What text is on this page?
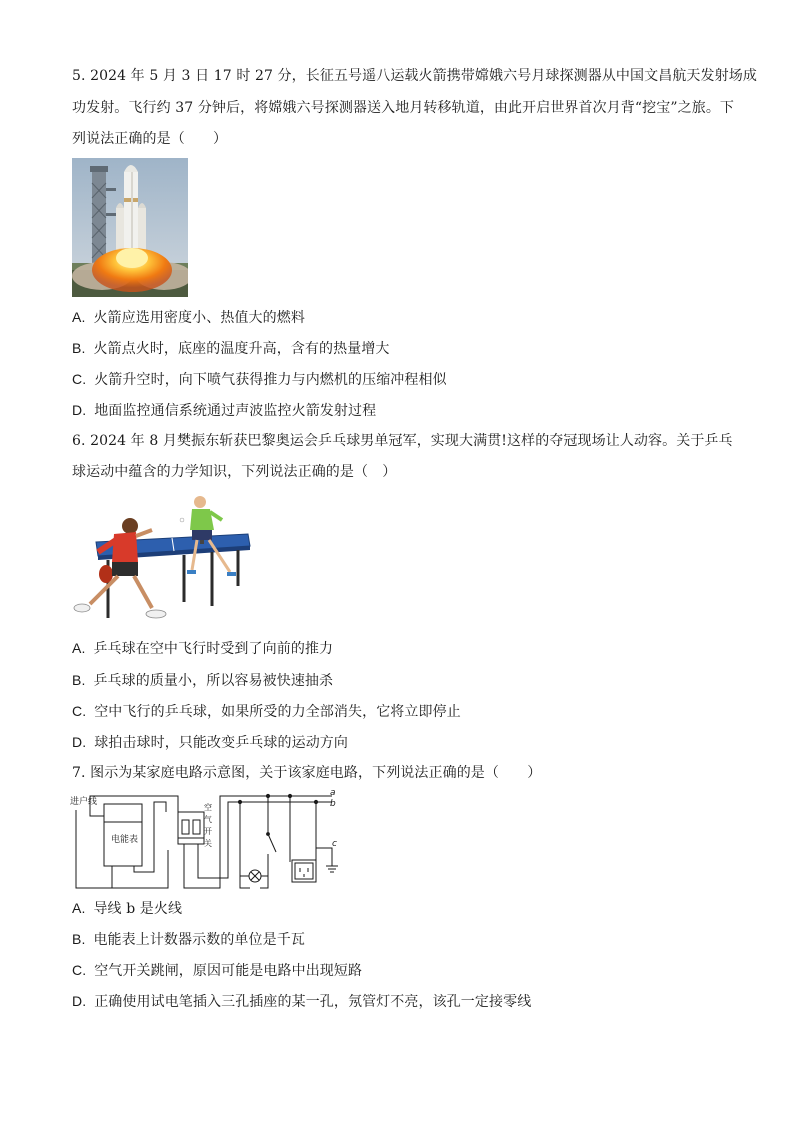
5. 2024 年 5 月 3 日 17 时 27 分，长征五号遥八运载火箭携带嫦娥六号月球探测器从中国文昌航天发射场成
功发射。飞行约 37 分钟后，将嫦娥六号探测器送入地月转移轨道，由此开启世界首次月背“挖宝”之旅。下
列说法正确的是（　　）
A. 火箭应选用密度小、热值大的燃料
B. 火箭点火时，底座的温度升高，含有的热量增大
C. 火箭升空时，向下喷气获得推力与内燃机的压缩冲程相似
D. 地面监控通信系统通过声波监控火箭发射过程
6. 2024 年 8 月樊振东斩获巴黎奥运会乒乓球男单冠军，实现大满贯!这样的夺冠现场让人动容。关于乒乓
球运动中蕴含的力学知识，下列说法正确的是（　）
A. 乒乓球在空中飞行时受到了向前的推力
B. 乒乓球的质量小，所以容易被快速抽杀
C. 空中飞行的乒乓球，如果所受的力全部消失，它将立即停止
D. 球拍击球时，只能改变乒乓球的运动方向
7. 图示为某家庭电路示意图，关于该家庭电路，下列说法正确的是（　　）
进户线
电能表
空
气
开
关
a
b
c
A. 导线 b 是火线
B. 电能表上计数器示数的单位是千瓦
C. 空气开关跳闸，原因可能是电路中出现短路
D. 正确使用试电笔插入三孔插座的某一孔，氖管灯不亮，该孔一定接零线
